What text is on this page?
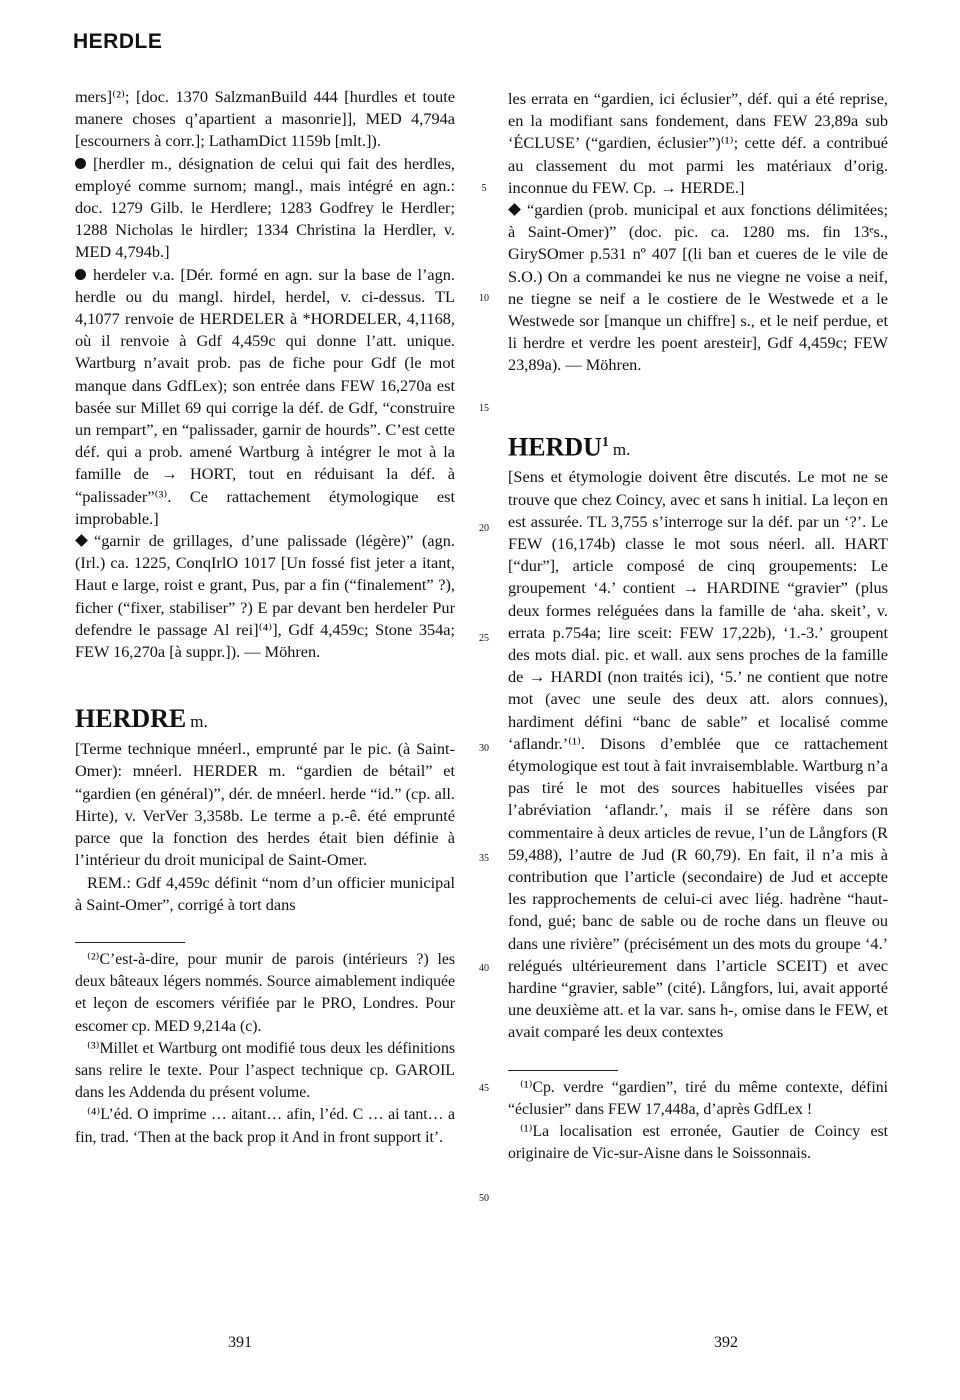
HERDLE

mers]⁽²⁾; [doc. 1370 SalzmanBuild 444 [hurdles et toute manere choses q’apartient a masonrie]], MED 4,794a [escourners à corr.]; LathamDict 1159b [mlt.]).

[herdler m., désignation de celui qui fait des herdles, employé comme surnom; mangl., mais intégré en agn.: doc. 1279 Gilb. le Herdlere; 1283 Godfrey le Herdler; 1288 Nicholas le hirdler; 1334 Christina la Herdler, v. MED 4,794b.]

herdeler v.a. [Dér. formé en agn. sur la base de l’agn. herdle ou du mangl. hirdel, herdel, v. ci-dessus. TL 4,1077 renvoie de HERDELER à *HORDELER, 4,1168, où il renvoie à Gdf 4,459c qui donne l’att. unique. Wartburg n’avait prob. pas de fiche pour Gdf (le mot manque dans GdfLex); son entrée dans FEW 16,270a est basée sur Millet 69 qui corrige la déf. de Gdf, “construire un rempart”, en “palissader, garnir de hourds”. C’est cette déf. qui a prob. amené Wartburg à intégrer le mot à la famille de → HORT, tout en réduisant la déf. à “palissader”⁽³⁾. Ce rattachement étymologique est improbable.]

“garnir de grillages, d’une palissade (légère)” (agn. (Irl.) ca. 1225, ConqIrlO 1017 [Un fossé fist jeter a itant, Haut e large, roist e grant, Pus, par a fin (“finalement” ?), ficher (“fixer, stabiliser” ?) E par devant ben herdeler Pur defendre le passage Al rei]⁽⁴⁾], Gdf 4,459c; Stone 354a; FEW 16,270a [à suppr.]). — Möhren.

HERDRE m.

[Terme technique mnéerl., emprunté par le pic. (à Saint-Omer): mnéerl. HERDER m. “gardien de bétail” et “gardien (en général)”, dér. de mnéerl. herde “id.” (cp. all. Hirte), v. VerVer 3,358b. Le terme a p.-ê. été emprunté parce que la fonction des herdes était bien définie à l’intérieur du droit municipal de Saint-Omer.

REM.: Gdf 4,459c définit “nom d’un officier municipal à Saint-Omer”, corrigé à tort dans

⁽²⁾C’est-à-dire, pour munir de parois (intérieurs ?) les deux bâteaux légers nommés. Source aimablement indiquée et leçon de escomers vérifiée par le PRO, Londres. Pour escomer cp. MED 9,214a (c).

⁽³⁾Millet et Wartburg ont modifié tous deux les définitions sans relire le texte. Pour l’aspect technique cp. GAROIL dans les Addenda du présent volume.

⁽⁴⁾L’éd. O imprime … aitant… afin, l’éd. C … ai tant… a fin, trad. ‘Then at the back prop it And in front support it’.

les errata en “gardien, ici éclusier”, déf. qui a été reprise, en la modifiant sans fondement, dans FEW 23,89a sub ‘ÉCLUSE’ (“gardien, éclusier”)⁽¹⁾; cette déf. a contribué au classement du mot parmi les matériaux d’orig. inconnue du FEW. Cp. → HERDE.]

“gardien (prob. municipal et aux fonctions délimitées; à Saint-Omer)” (doc. pic. ca. 1280 ms. fin 13ᵉs., GirySOmer p.531 nº 407 [(li ban et cueres de le vile de S.O.) On a commandei ke nus ne viegne ne voise a neif, ne tiegne se neif a le costiere de le Westwede et a le Westwede sor [manque un chiffre] s., et le neif perdue, et li herdre et verdre les poent aresteir], Gdf 4,459c; FEW 23,89a). — Möhren.

HERDU$^1$ m.

[Sens et étymologie doivent être discutés. Le mot ne se trouve que chez Coincy, avec et sans h initial. La leçon en est assurée. TL 3,755 s’interroge sur la déf. par un ‘?’. Le FEW (16,174b) classe le mot sous néerl. all. HART [“dur”], article composé de cinq groupements: Le groupement ‘4.’ contient → HARDINE “gravier” (plus deux formes reléguées dans la famille de ‘aha. skeit’, v. errata p.754a; lire sceit: FEW 17,22b), ‘1.-3.’ groupent des mots dial. pic. et wall. aux sens proches de la famille de → HARDI (non traités ici), ‘5.’ ne contient que notre mot (avec une seule des deux att. alors connues), hardiment défini “banc de sable” et localisé comme ‘aflandr.’⁽¹⁾. Disons d’emblée que ce rattachement étymologique est tout à fait invraisemblable. Wartburg n’a pas tiré le mot des sources habituelles visées par l’abréviation ‘aflandr.’, mais il se réfère dans son commentaire à deux articles de revue, l’un de Långfors (R 59,488), l’autre de Jud (R 60,79). En fait, il n’a mis à contribution que l’article (secondaire) de Jud et accepte les rapprochements de celui-ci avec liég. hadrène “haut-fond, gué; banc de sable ou de roche dans un fleuve ou dans une rivière” (précisément un des mots du groupe ‘4.’ relégués ultérieurement dans l’article SCEIT) et avec hardine “gravier, sable” (cité). Långfors, lui, avait apporté une deuxième att. et la var. sans h-, omise dans le FEW, et avait comparé les deux contextes

⁽¹⁾Cp. verdre “gardien”, tiré du même contexte, défini “éclusier” dans FEW 17,448a, d’après GdfLex !

⁽¹⁾La localisation est erronée, Gautier de Coincy est originaire de Vic-sur-Aisne dans le Soissonnais.

5
10
15
20
25
30
35
40
45
50
391	392
